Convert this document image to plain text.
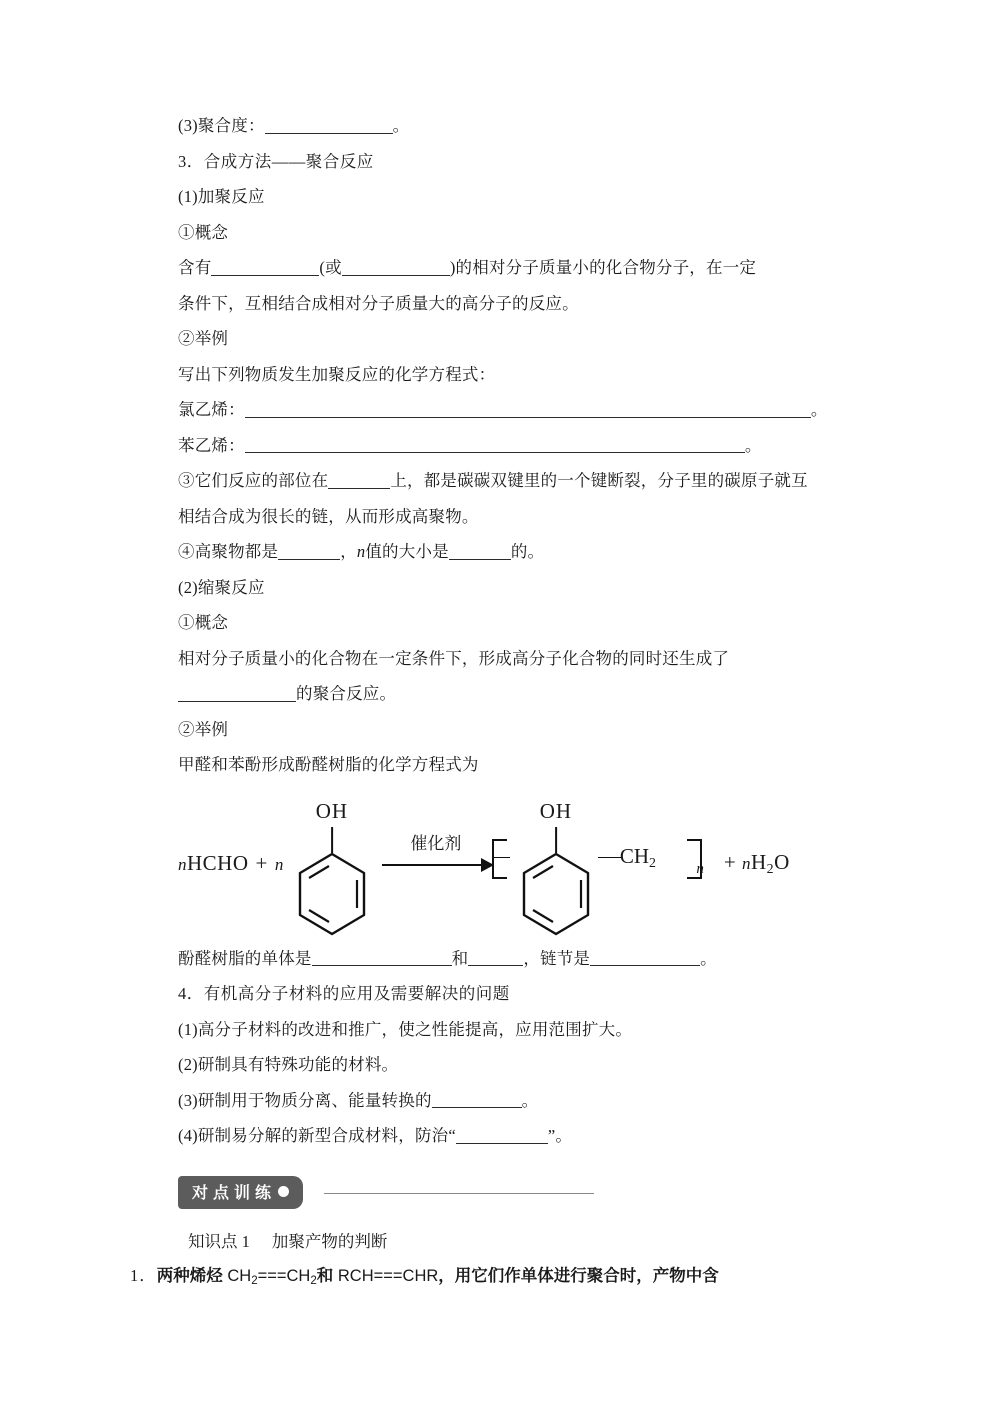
(3)聚合度：	。
3．合成方法——聚合反应
(1)加聚反应
①概念
含有	(或	)的相对分子质量小的化合物分子，在一定
条件下，互相结合成相对分子质量大的高分子的反应。
②举例
写出下列物质发生加聚反应的化学方程式：
氯乙烯：	。
苯乙烯：	。
③它们反应的部位在	上，都是碳碳双键里的一个键断裂，分子里的碳原子就互
相结合成为很长的链，从而形成高聚物。
④高聚物都是	，n值的大小是	的。
(2)缩聚反应
①概念
相对分子质量小的化合物在一定条件下，形成高分子化合物的同时还生成了
的聚合反应。
②举例
甲醛和苯酚形成酚醛树脂的化学方程式为
nHCHO + n
OH
催化剂
OH
$CH_2$	$n + nH_2O$
酚醛树脂的单体是	和	，链节是	。
4．有机高分子材料的应用及需要解决的问题
(1)高分子材料的改进和推广，使之性能提高，应用范围扩大。
(2)研制具有特殊功能的材料。
(3)研制用于物质分离、能量转换的	。
(4)研制易分解的新型合成材料，防治“	”。
对点训练
知识点 1 加聚产物的判断
1．两种烯烃 CH2===CH2和 RCH===CHR，用它们作单体进行聚合时，产物中含
